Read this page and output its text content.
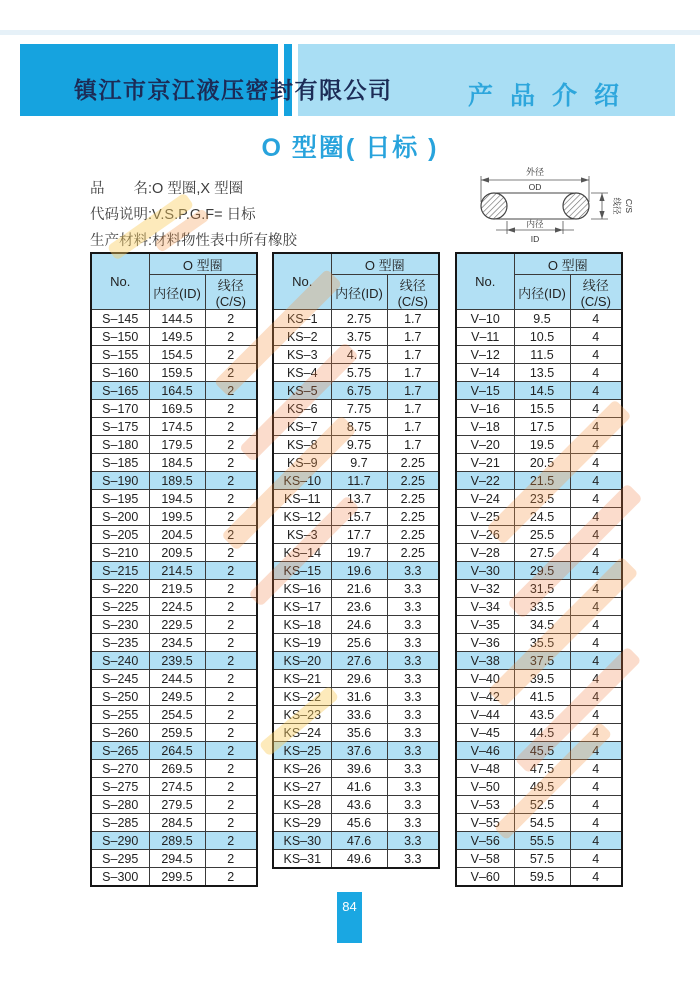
镇江市京江液压密封有限公司	产品介绍
O 型圈( 日标 )
品　　名:O 型圈,X 型圈
代码说明:V.S.P.G.F= 日标
生产材料:材料物性表中所有橡胶
外径
OD
内径
ID
线径 C/S
No.	O 型圈	
	内径(ID)	线径(C/S)
S–145	144.5	2
S–150	149.5	2
S–155	154.5	2
S–160	159.5	2
S–165	164.5	2
S–170	169.5	2
S–175	174.5	2
S–180	179.5	2
S–185	184.5	2
S–190	189.5	2
S–195	194.5	2
S–200	199.5	2
S–205	204.5	2
S–210	209.5	2
S–215	214.5	2
S–220	219.5	2
S–225	224.5	2
S–230	229.5	2
S–235	234.5	2
S–240	239.5	2
S–245	244.5	2
S–250	249.5	2
S–255	254.5	2
S–260	259.5	2
S–265	264.5	2
S–270	269.5	2
S–275	274.5	2
S–280	279.5	2
S–285	284.5	2
S–290	289.5	2
S–295	294.5	2
S–300	299.5	2
No.	O 型圈	
	内径(ID)	线径(C/S)
KS–1	2.75	1.7
KS–2	3.75	1.7
KS–3	4.75	1.7
KS–4	5.75	1.7
KS–5	6.75	1.7
KS–6	7.75	1.7
KS–7	8.75	1.7
KS–8	9.75	1.7
KS–9	9.7	2.25
KS–10	11.7	2.25
KS–11	13.7	2.25
KS–12	15.7	2.25
KS–3	17.7	2.25
KS–14	19.7	2.25
KS–15	19.6	3.3
KS–16	21.6	3.3
KS–17	23.6	3.3
KS–18	24.6	3.3
KS–19	25.6	3.3
KS–20	27.6	3.3
KS–21	29.6	3.3
KS–22	31.6	3.3
KS–23	33.6	3.3
KS–24	35.6	3.3
KS–25	37.6	3.3
KS–26	39.6	3.3
KS–27	41.6	3.3
KS–28	43.6	3.3
KS–29	45.6	3.3
KS–30	47.6	3.3
KS–31	49.6	3.3
No.	O 型圈	
	内径(ID)	线径(C/S)
V–10	9.5	4
V–11	10.5	4
V–12	11.5	4
V–14	13.5	4
V–15	14.5	4
V–16	15.5	4
V–18	17.5	4
V–20	19.5	4
V–21	20.5	4
V–22	21.5	4
V–24	23.5	4
V–25	24.5	4
V–26	25.5	4
V–28	27.5	4
V–30	29.5	4
V–32	31.5	4
V–34	33.5	4
V–35	34.5	4
V–36	35.5	4
V–38	37.5	4
V–40	39.5	4
V–42	41.5	4
V–44	43.5	4
V–45	44.5	4
V–46	45.5	4
V–48	47.5	4
V–50	49.5	4
V–53	52.5	4
V–55	54.5	4
V–56	55.5	4
V–58	57.5	4
V–60	59.5	4
84
